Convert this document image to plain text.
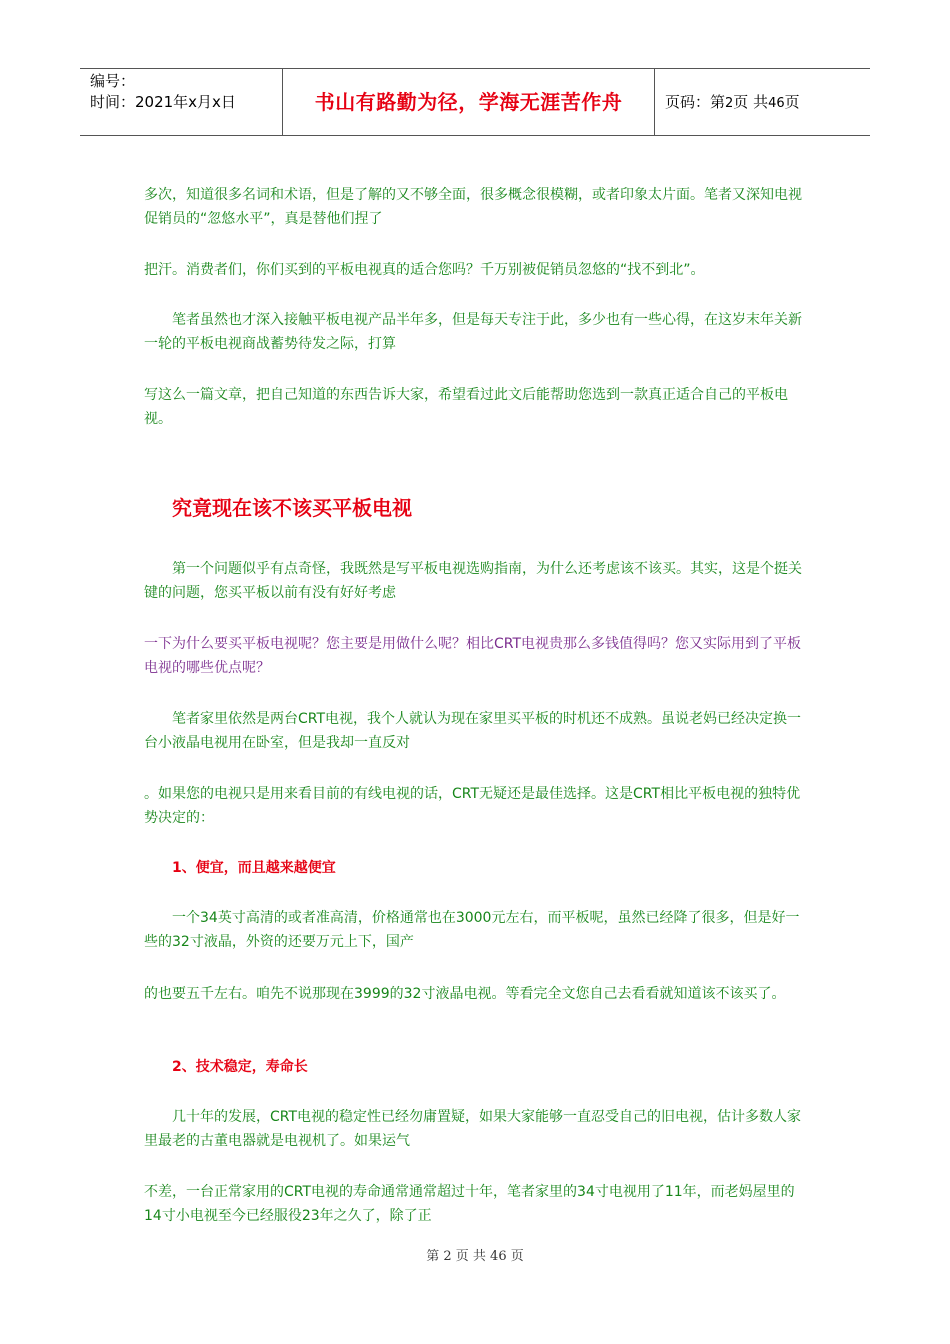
编号：
时间：2021年x月x日	书山有路勤为径，学海无涯苦作舟	页码：第2页 共46页

多次，知道很多名词和术语，但是了解的又不够全面，很多概念很模糊，或者印象太片面。笔者又深知电视促销员的“忽悠水平”，真是替他们捏了

把汗。消费者们，你们买到的平板电视真的适合您吗？千万别被促销员忽悠的“找不到北”。

笔者虽然也才深入接触平板电视产品半年多，但是每天专注于此，多少也有一些心得，在这岁末年关新一轮的平板电视商战蓄势待发之际，打算

写这么一篇文章，把自己知道的东西告诉大家，希望看过此文后能帮助您选到一款真正适合自己的平板电视。

究竟现在该不该买平板电视

第一个问题似乎有点奇怪，我既然是写平板电视选购指南，为什么还考虑该不该买。其实，这是个挺关键的问题，您买平板以前有没有好好考虑

一下为什么要买平板电视呢？您主要是用做什么呢？相比CRT电视贵那么多钱值得吗？您又实际用到了平板电视的哪些优点呢？

笔者家里依然是两台CRT电视，我个人就认为现在家里买平板的时机还不成熟。虽说老妈已经决定换一台小液晶电视用在卧室，但是我却一直反对

。如果您的电视只是用来看目前的有线电视的话，CRT无疑还是最佳选择。这是CRT相比平板电视的独特优势决定的：

1、便宜，而且越来越便宜

一个34英寸高清的或者准高清，价格通常也在3000元左右，而平板呢，虽然已经降了很多，但是好一些的32寸液晶，外资的还要万元上下，国产

的也要五千左右。咱先不说那现在3999的32寸液晶电视。等看完全文您自己去看看就知道该不该买了。

2、技术稳定，寿命长

几十年的发展，CRT电视的稳定性已经勿庸置疑，如果大家能够一直忍受自己的旧电视，估计多数人家里最老的古董电器就是电视机了。如果运气

不差，一台正常家用的CRT电视的寿命通常通常超过十年，笔者家里的34寸电视用了11年，而老妈屋里的14寸小电视至今已经服役23年之久了，除了正

第 2 页 共 46 页
